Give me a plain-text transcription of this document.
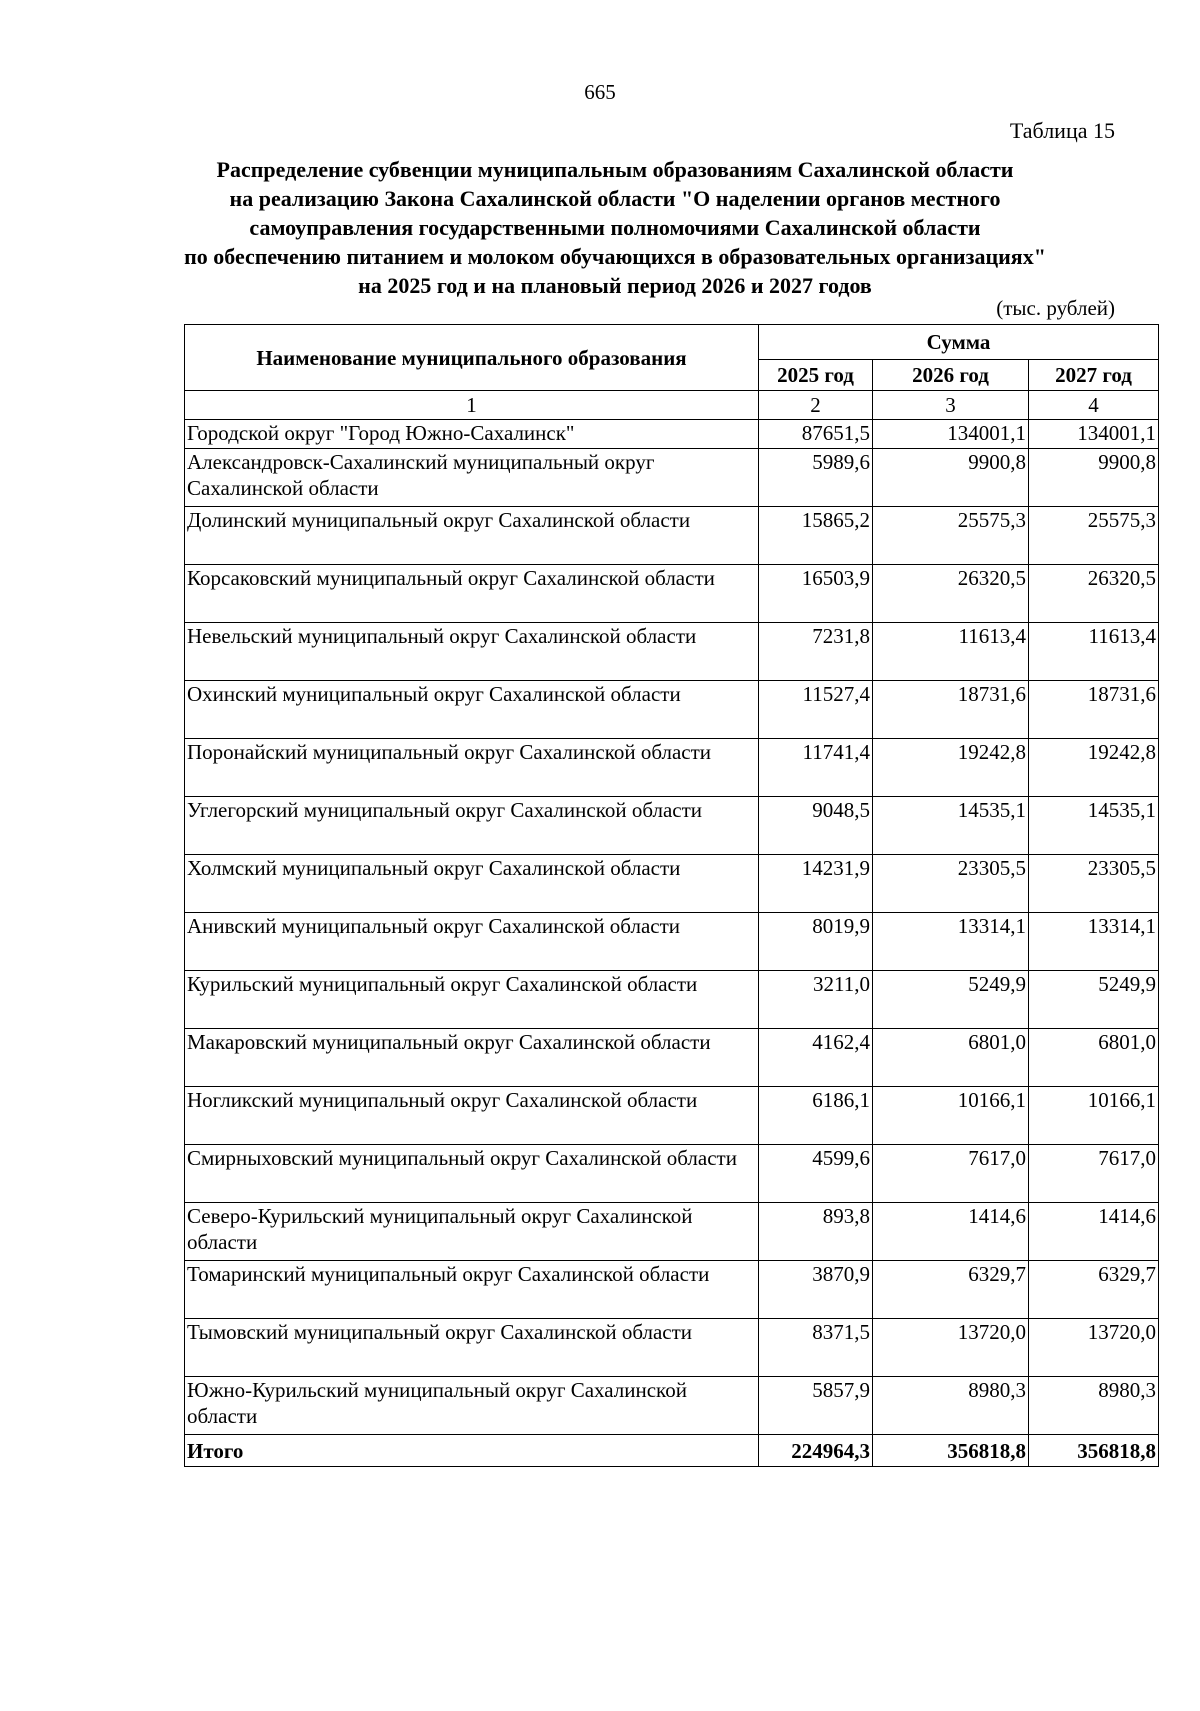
665
Таблица 15
Распределение субвенции муниципальным образованиям Сахалинской области
на реализацию Закона Сахалинской области "О наделении органов местного
самоуправления государственными полномочиями Сахалинской области
по обеспечению питанием и молоком обучающихся в образовательных организациях"
на 2025 год и на плановый период 2026 и 2027 годов
(тыс. рублей)
Наименование муниципального образования	Сумма		
	2025 год	2026 год	2027 год
1	2	3	4
Городской округ "Город Южно-Сахалинск"	87651,5	134001,1	134001,1
Александровск-Сахалинский муниципальный округ Сахалинской области	5989,6	9900,8	9900,8
Долинский муниципальный округ Сахалинской области	15865,2	25575,3	25575,3
Корсаковский муниципальный округ Сахалинской области	16503,9	26320,5	26320,5
Невельский муниципальный округ Сахалинской области	7231,8	11613,4	11613,4
Охинский муниципальный округ Сахалинской области	11527,4	18731,6	18731,6
Поронайский муниципальный округ Сахалинской области	11741,4	19242,8	19242,8
Углегорский муниципальный округ Сахалинской области	9048,5	14535,1	14535,1
Холмский муниципальный округ Сахалинской области	14231,9	23305,5	23305,5
Анивский муниципальный округ Сахалинской области	8019,9	13314,1	13314,1
Курильский муниципальный округ Сахалинской области	3211,0	5249,9	5249,9
Макаровский муниципальный округ Сахалинской области	4162,4	6801,0	6801,0
Ногликский муниципальный округ Сахалинской области	6186,1	10166,1	10166,1
Смирныховский муниципальный округ Сахалинской области	4599,6	7617,0	7617,0
Северо-Курильский муниципальный округ Сахалинской области	893,8	1414,6	1414,6
Томаринский муниципальный округ Сахалинской области	3870,9	6329,7	6329,7
Тымовский муниципальный округ Сахалинской области	8371,5	13720,0	13720,0
Южно-Курильский муниципальный округ Сахалинской области	5857,9	8980,3	8980,3
Итого	224964,3	356818,8	356818,8
